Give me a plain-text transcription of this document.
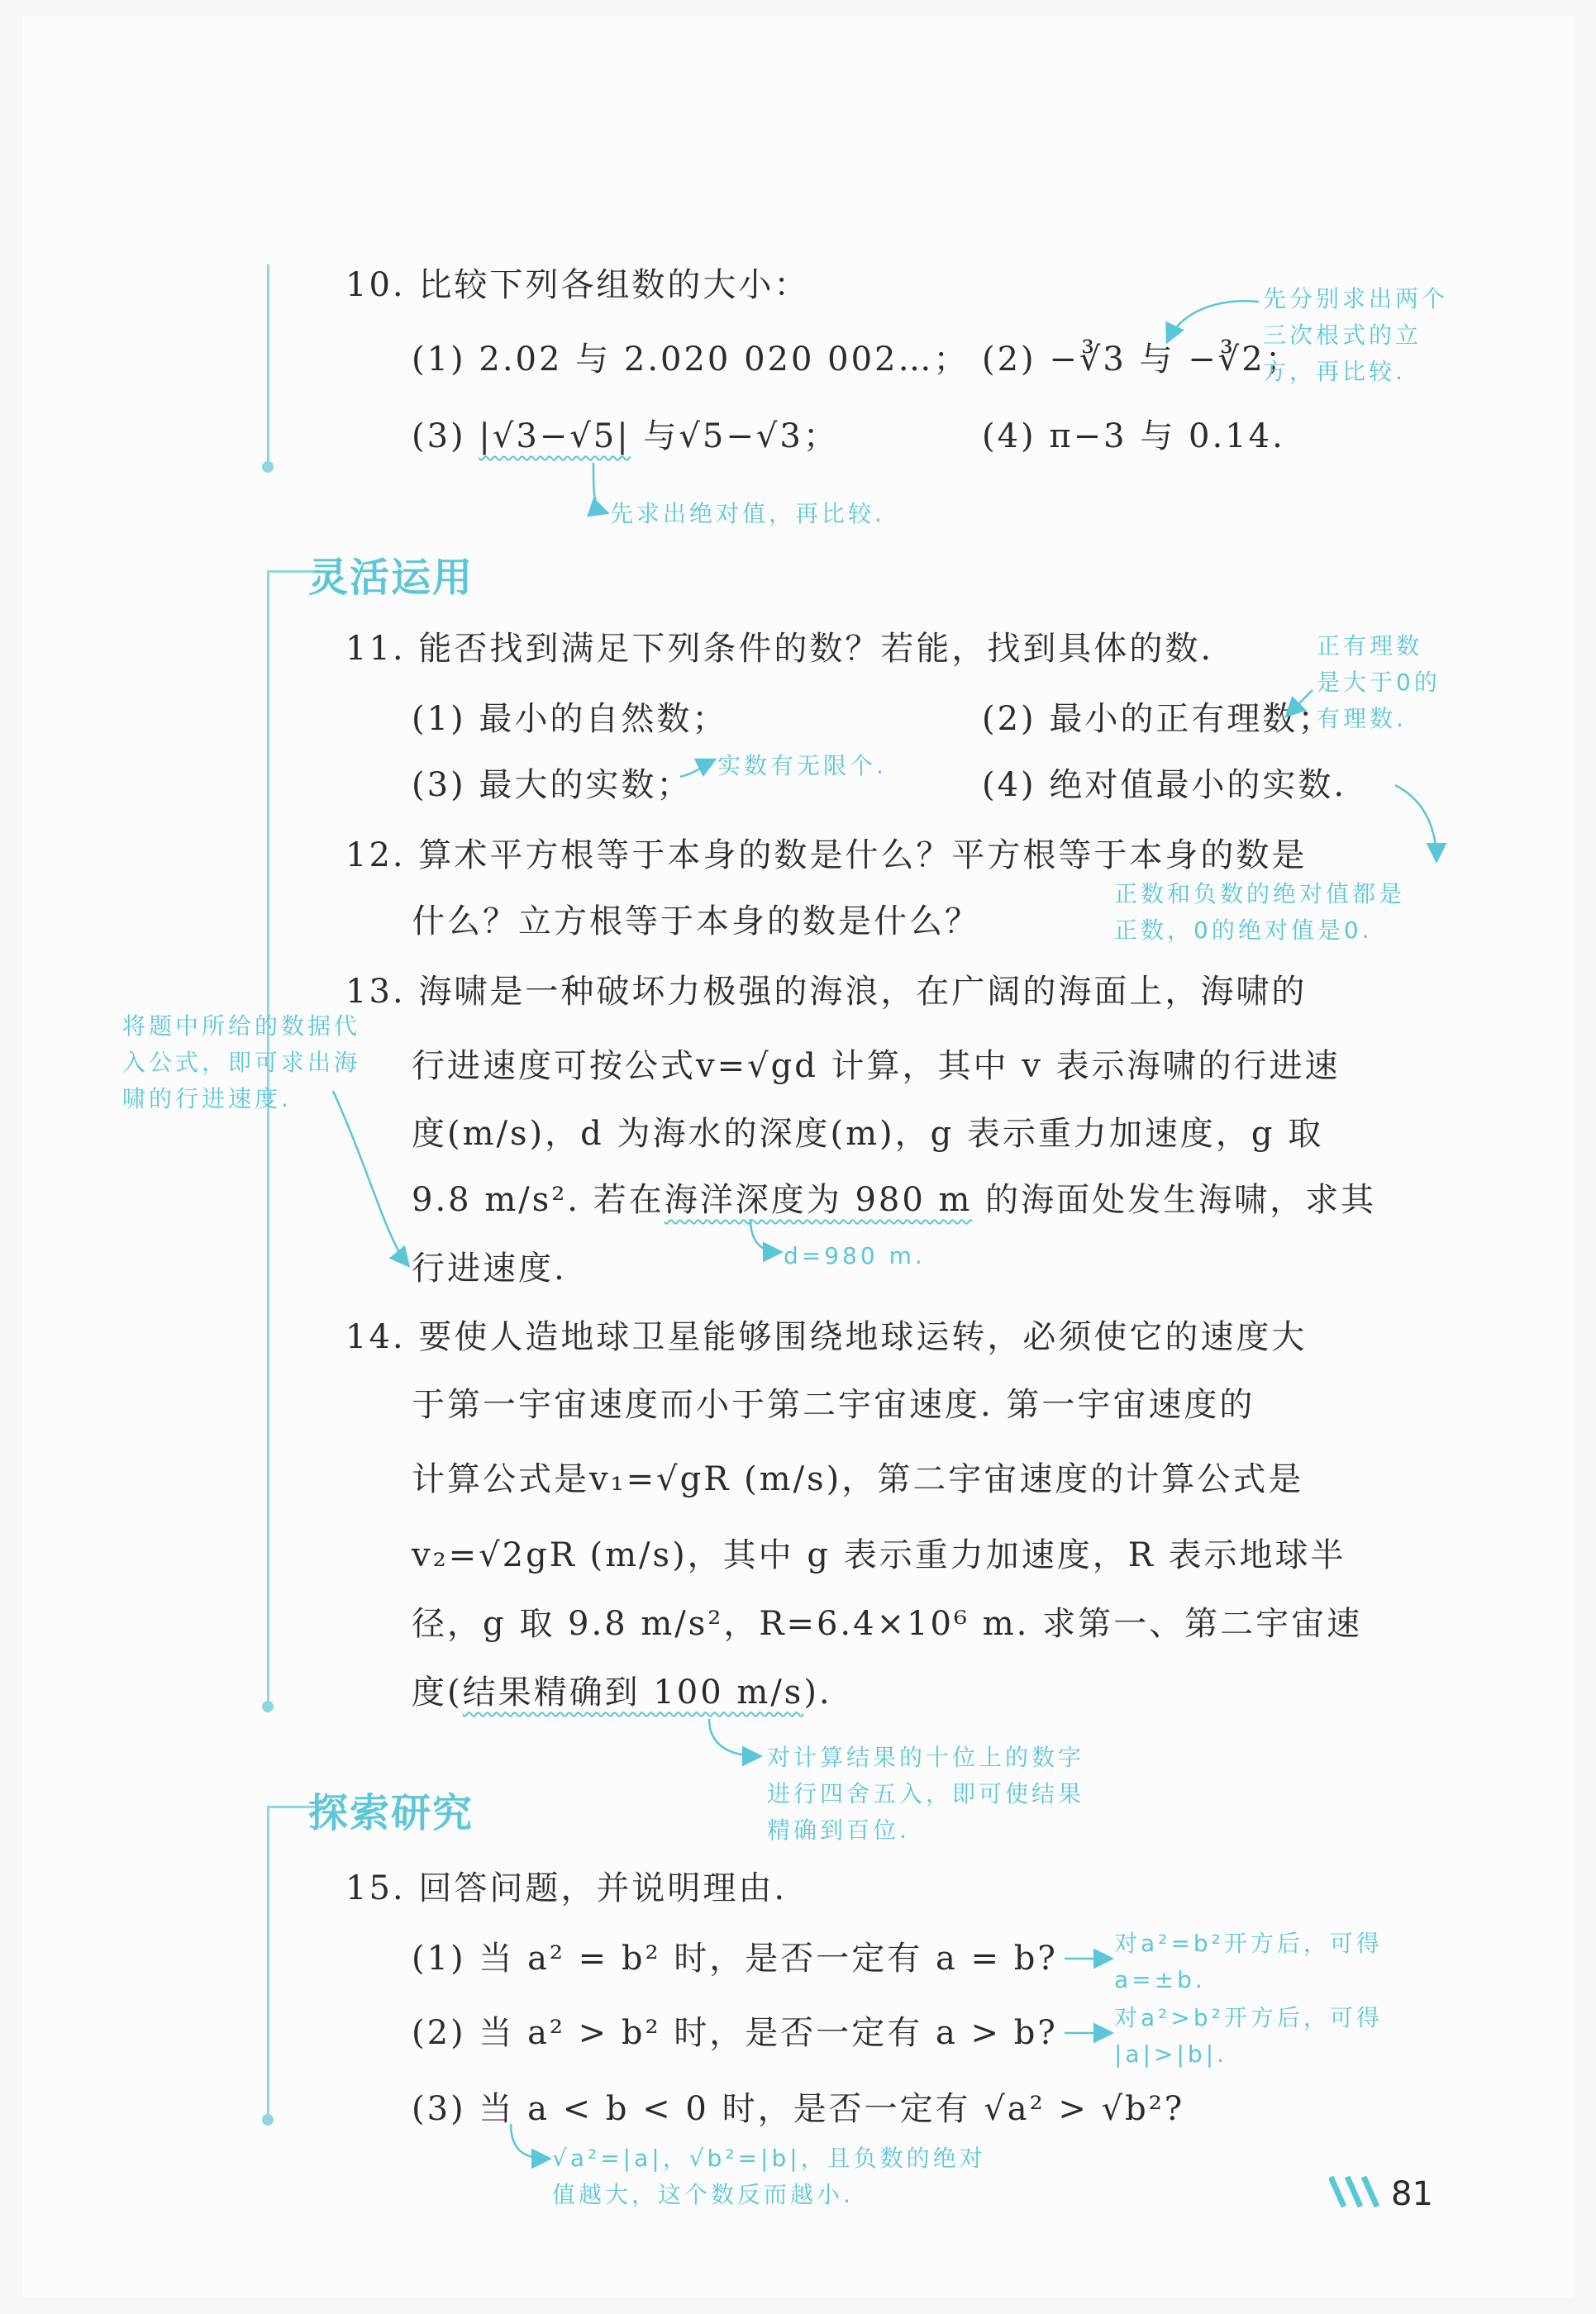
10. 比较下列各组数的大小：
(1) 2.02 与 2.020 020 002…； (2) −∛3 与 −∛2；
(3) |√3−√5| 与√5−√3；	(4) π−3 与 0.14.
先分别求出两个
三次根式的立
方，再比较.
先求出绝对值，再比较.
灵活运用
11. 能否找到满足下列条件的数？若能，找到具体的数.
(1) 最小的自然数；	(2) 最小的正有理数；
(3) 最大的实数；	(4) 绝对值最小的实数.
正有理数
是大于0的
有理数.
实数有无限个.
12. 算术平方根等于本身的数是什么？平方根等于本身的数是
什么？立方根等于本身的数是什么？
正数和负数的绝对值都是
正数，0的绝对值是0.
13. 海啸是一种破坏力极强的海浪，在广阔的海面上，海啸的
行进速度可按公式v=√gd 计算，其中 v 表示海啸的行进速
度(m/s)，d 为海水的深度(m)，g 表示重力加速度，g 取
9.8 m/s². 若在海洋深度为 980 m 的海面处发生海啸，求其
行进速度.
将题中所给的数据代
入公式，即可求出海
啸的行进速度.
d=980 m.
14. 要使人造地球卫星能够围绕地球运转，必须使它的速度大
于第一宇宙速度而小于第二宇宙速度. 第一宇宙速度的
计算公式是v₁=√gR (m/s)，第二宇宙速度的计算公式是
v₂=√2gR (m/s)，其中 g 表示重力加速度，R 表示地球半
径，g 取 9.8 m/s²，R=6.4×10⁶ m. 求第一、第二宇宙速
度(结果精确到 100 m/s).
对计算结果的十位上的数字
进行四舍五入，即可使结果
精确到百位.
探索研究
15. 回答问题，并说明理由.
(1) 当 a² = b² 时，是否一定有 a = b?
(2) 当 a² > b² 时，是否一定有 a > b?
(3) 当 a < b < 0 时，是否一定有 √a² > √b²?
对a²=b²开方后，可得
a=±b.
对a²>b²开方后，可得
|a|>|b|.
√a²=|a|，√b²=|b|，且负数的绝对
值越大，这个数反而越小.	81
